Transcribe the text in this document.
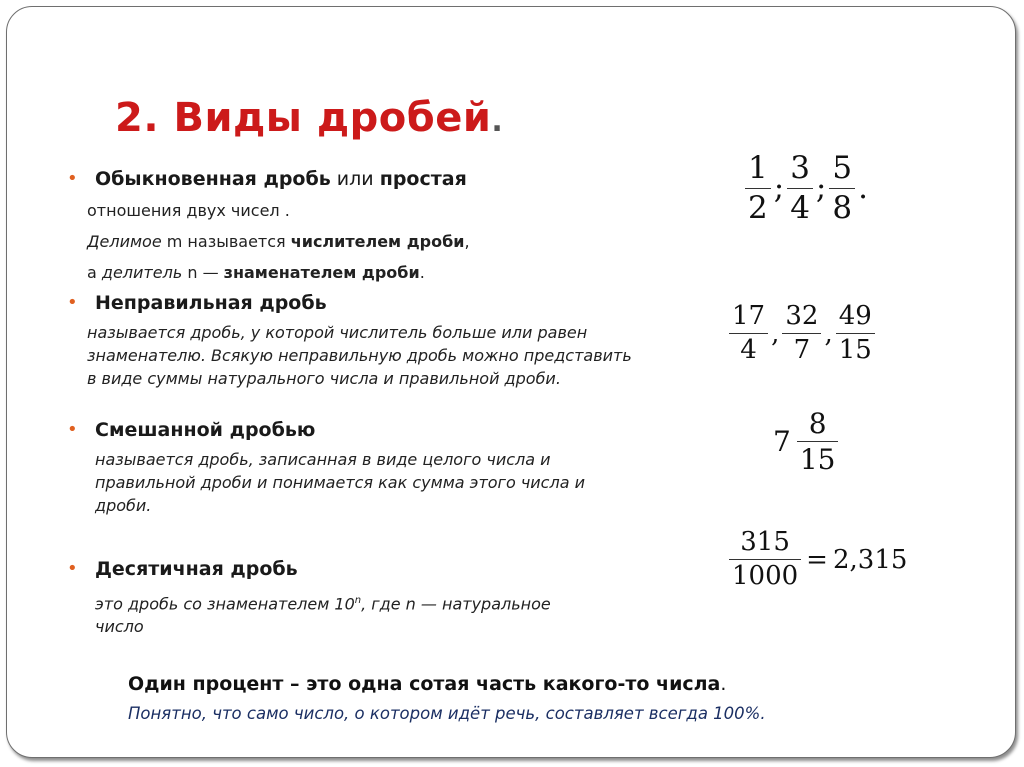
2. Виды дробей.
• Обыкновенная дробь или простая
отношения двух чисел .
Делимое m называется числителем дроби,
а делитель n — знаменателем дроби.
• Неправильная дробь
называется дробь, у которой числитель больше или равен
знаменателю. Всякую неправильную дробь можно представить
в виде суммы натурального числа и правильной дроби.
• Смешанной дробью
называется дробь, записанная в виде целого числа и
правильной дроби и понимается как сумма этого числа и
дроби.
• Десятичная дробь
это дробь со знаменателем 10$^n$, где n — натуральное
число
Один процент – это одна сотая часть какого-то числа.
Понятно, что само число, о котором идёт речь, составляет всегда 100%.
$\frac{1}{2}$ ; $\frac{3}{4}$ ; $\frac{5}{8}$ .
$\frac{17}{4}$ , $\frac{32}{7}$ , $\frac{49}{15}$
$7 \frac{8}{15}$
$\frac{315}{1000} = 2,315$
